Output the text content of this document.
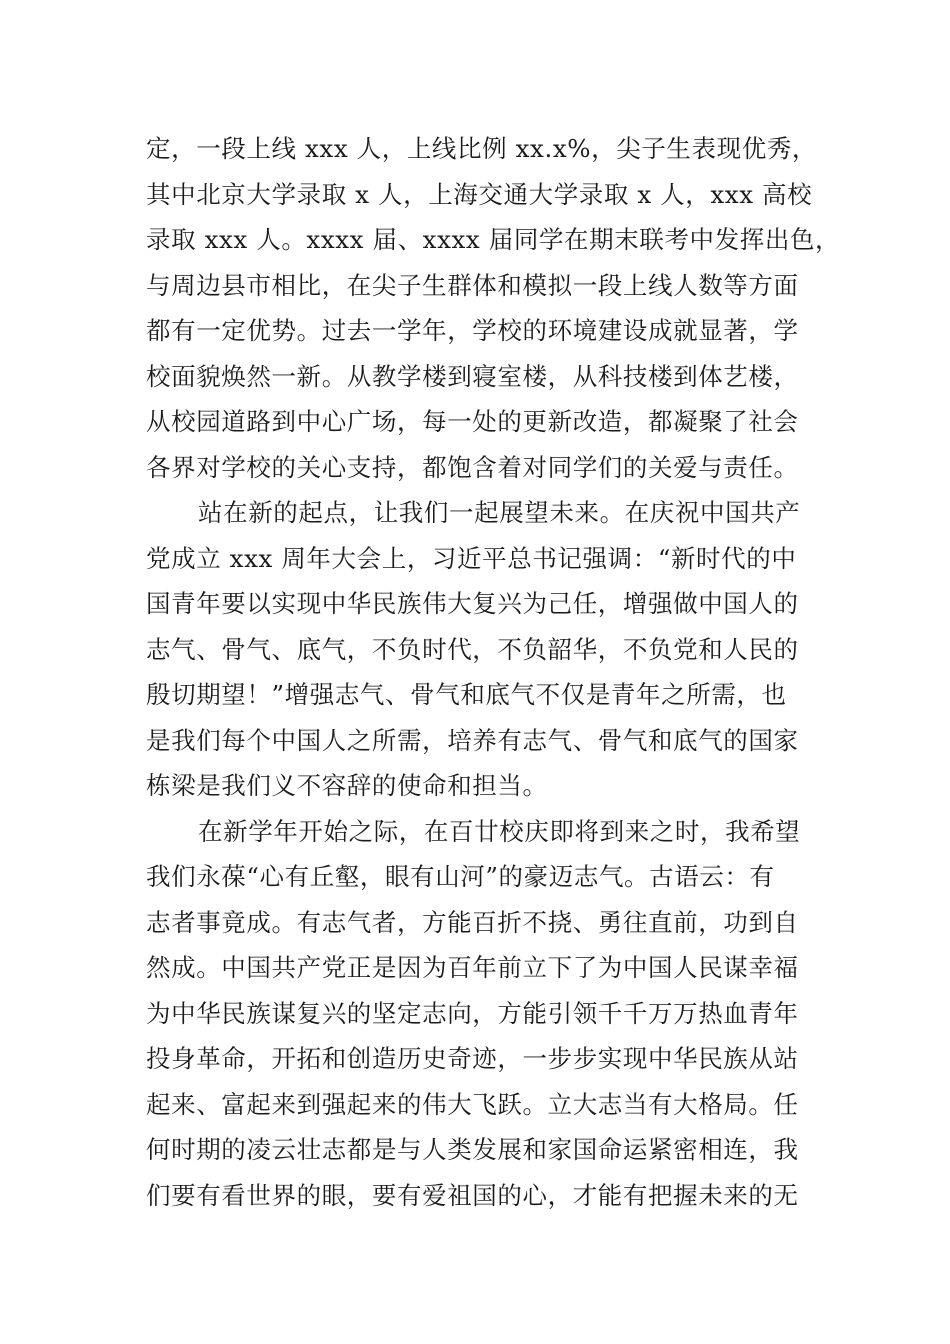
定，一段上线 xxx 人，上线比例 xx.x%，尖子生表现优秀，
其中北京大学录取 x 人，上海交通大学录取 x 人，xxx 高校
录取 xxx 人。xxxx 届、xxxx 届同学在期末联考中发挥出色，
与周边县市相比，在尖子生群体和模拟一段上线人数等方面
都有一定优势。过去一学年，学校的环境建设成就显著，学
校面貌焕然一新。从教学楼到寝室楼，从科技楼到体艺楼，
从校园道路到中心广场，每一处的更新改造，都凝聚了社会
各界对学校的关心支持，都饱含着对同学们的关爱与责任。
站在新的起点，让我们一起展望未来。在庆祝中国共产
党成立 xxx 周年大会上，习近平总书记强调：“新时代的中
国青年要以实现中华民族伟大复兴为己任，增强做中国人的
志气、骨气、底气，不负时代，不负韶华，不负党和人民的
殷切期望！”增强志气、骨气和底气不仅是青年之所需，也
是我们每个中国人之所需，培养有志气、骨气和底气的国家
栋梁是我们义不容辞的使命和担当。
在新学年开始之际，在百廿校庆即将到来之时，我希望
我们永葆“心有丘壑，眼有山河”的豪迈志气。古语云：有
志者事竟成。有志气者，方能百折不挠、勇往直前，功到自
然成。中国共产党正是因为百年前立下了为中国人民谋幸福
为中华民族谋复兴的坚定志向，方能引领千千万万热血青年
投身革命，开拓和创造历史奇迹，一步步实现中华民族从站
起来、富起来到强起来的伟大飞跃。立大志当有大格局。任
何时期的凌云壮志都是与人类发展和家国命运紧密相连，我
们要有看世界的眼，要有爱祖国的心，才能有把握未来的无
